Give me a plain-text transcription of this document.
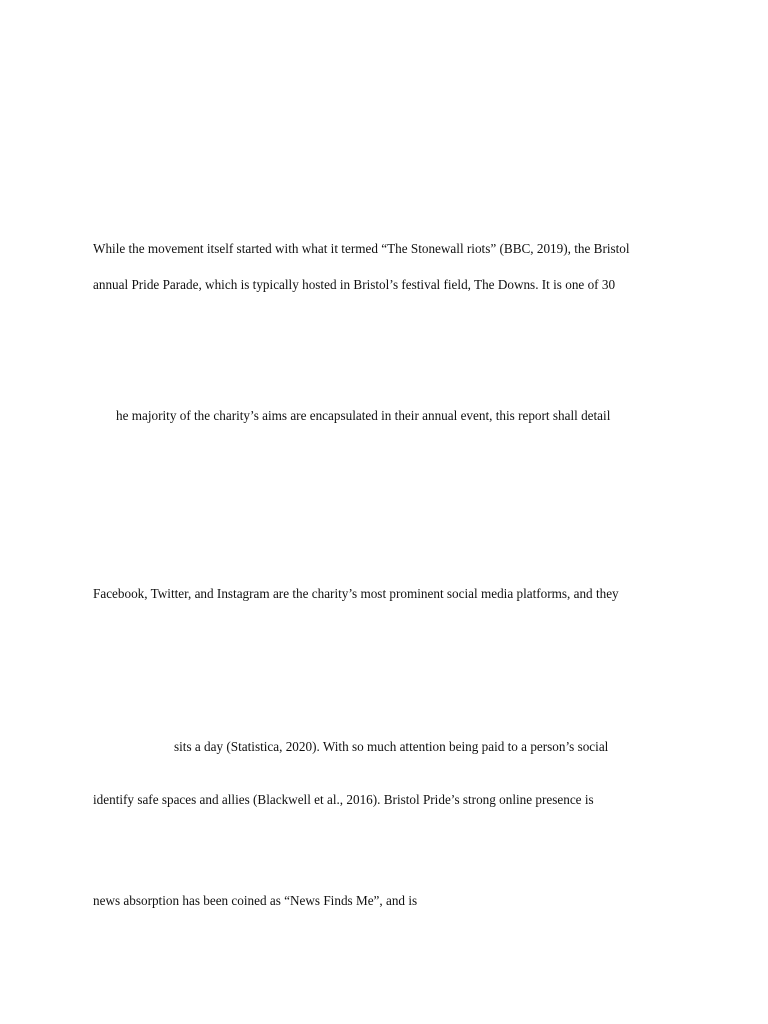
While the movement itself started with what it termed “The Stonewall riots” (BBC, 2019), the Bristol
annual Pride Parade, which is typically hosted in Bristol’s festival field, The Downs. It is one of 30
he majority of the charity’s aims are encapsulated in their annual event, this report shall detail
Facebook, Twitter, and Instagram are the charity’s most prominent social media platforms, and they
sits a day (Statistica, 2020). With so much attention being paid to a person’s social
identify safe spaces and allies (Blackwell et al., 2016). Bristol Pride’s strong online presence is
news absorption has been coined as “News Finds Me”, and is
